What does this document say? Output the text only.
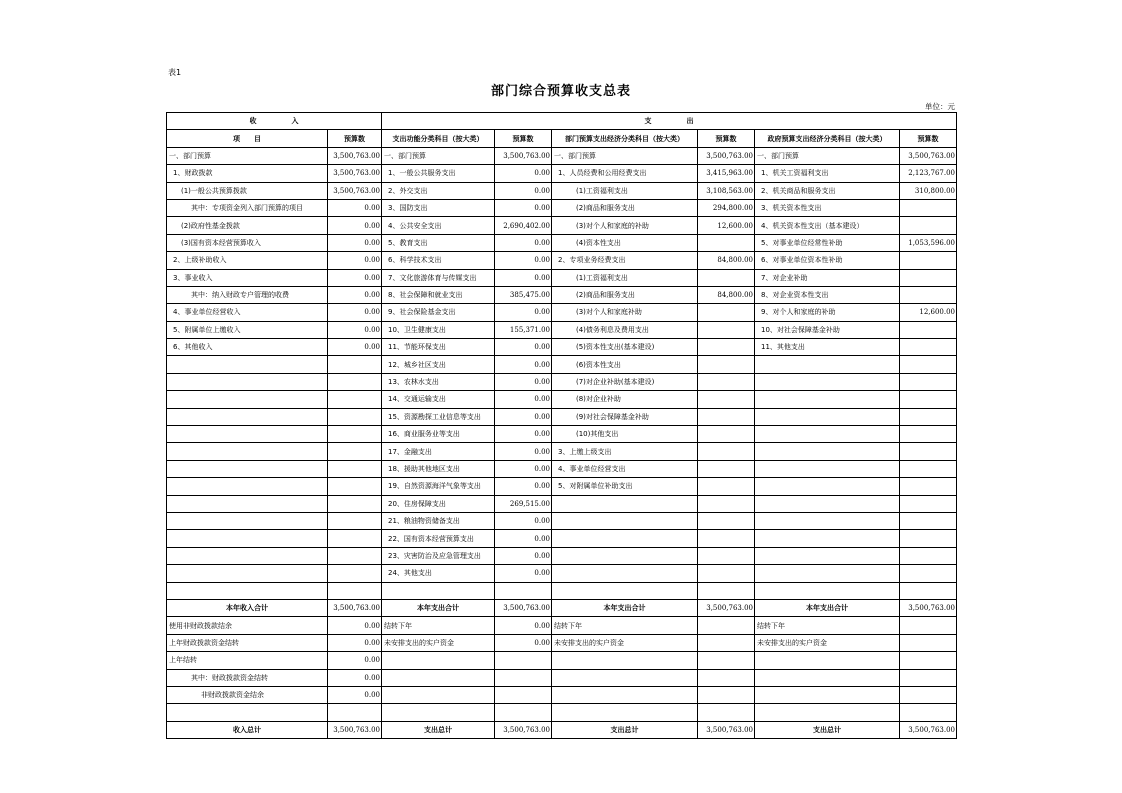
表1
部门综合预算收支总表
单位：元
收　　　　　入		支　　　　　出					
项　　目	预算数	支出功能分类科目（按大类）	预算数	部门预算支出经济分类科目（按大类）	预算数	政府预算支出经济分类科目（按大类）	预算数
一、部门预算	3,500,763.00	一、部门预算	3,500,763.00	一、部门预算	3,500,763.00	一、部门预算	3,500,763.00
1、财政拨款	3,500,763.00	1、一般公共服务支出	0.00	1、人员经费和公用经费支出	3,415,963.00	1、机关工资福利支出	2,123,767.00
(1)一般公共预算拨款	3,500,763.00	2、外交支出	0.00	(1)工资福利支出	3,108,563.00	2、机关商品和服务支出	310,800.00
其中：专项资金列入部门预算的项目	0.00	3、国防支出	0.00	(2)商品和服务支出	294,800.00	3、机关资本性支出	
(2)政府性基金拨款	0.00	4、公共安全支出	2,690,402.00	(3)对个人和家庭的补助	12,600.00	4、机关资本性支出（基本建设）	
(3)国有资本经营预算收入	0.00	5、教育支出	0.00	(4)资本性支出		5、对事业单位经常性补助	1,053,596.00
2、上级补助收入	0.00	6、科学技术支出	0.00	2、专项业务经费支出	84,800.00	6、对事业单位资本性补助	
3、事业收入	0.00	7、文化旅游体育与传媒支出	0.00	(1)工资福利支出		7、对企业补助	
其中：纳入财政专户管理的收费	0.00	8、社会保障和就业支出	385,475.00	(2)商品和服务支出	84,800.00	8、对企业资本性支出	
4、事业单位经营收入	0.00	9、社会保险基金支出	0.00	(3)对个人和家庭补助		9、对个人和家庭的补助	12,600.00
5、附属单位上缴收入	0.00	10、卫生健康支出	155,371.00	(4)债务利息及费用支出		10、对社会保障基金补助	
6、其他收入	0.00	11、节能环保支出	0.00	(5)资本性支出(基本建设)		11、其他支出	
		12、城乡社区支出	0.00	(6)资本性支出			
		13、农林水支出	0.00	(7)对企业补助(基本建设)			
		14、交通运输支出	0.00	(8)对企业补助			
		15、资源勘探工业信息等支出	0.00	(9)对社会保障基金补助			
		16、商业服务业等支出	0.00	(10)其他支出			
		17、金融支出	0.00	3、上缴上级支出			
		18、援助其他地区支出	0.00	4、事业单位经营支出			
		19、自然资源海洋气象等支出	0.00	5、对附属单位补助支出			
		20、住房保障支出	269,515.00				
		21、粮油物资储备支出	0.00				
		22、国有资本经营预算支出	0.00				
		23、灾害防治及应急管理支出	0.00				
		24、其他支出	0.00				

本年收入合计	3,500,763.00	本年支出合计	3,500,763.00	本年支出合计	3,500,763.00	本年支出合计	3,500,763.00
使用非财政拨款结余	0.00	结转下年	0.00	结转下年		结转下年	
上年财政拨款资金结转	0.00	未安排支出的实户资金	0.00	未安排支出的实户资金		未安排支出的实户资金	
上年结转	0.00						
其中：财政拨款资金结转	0.00						
非财政拨款资金结余	0.00						

收入总计	3,500,763.00	支出总计	3,500,763.00	支出总计	3,500,763.00	支出总计	3,500,763.00
